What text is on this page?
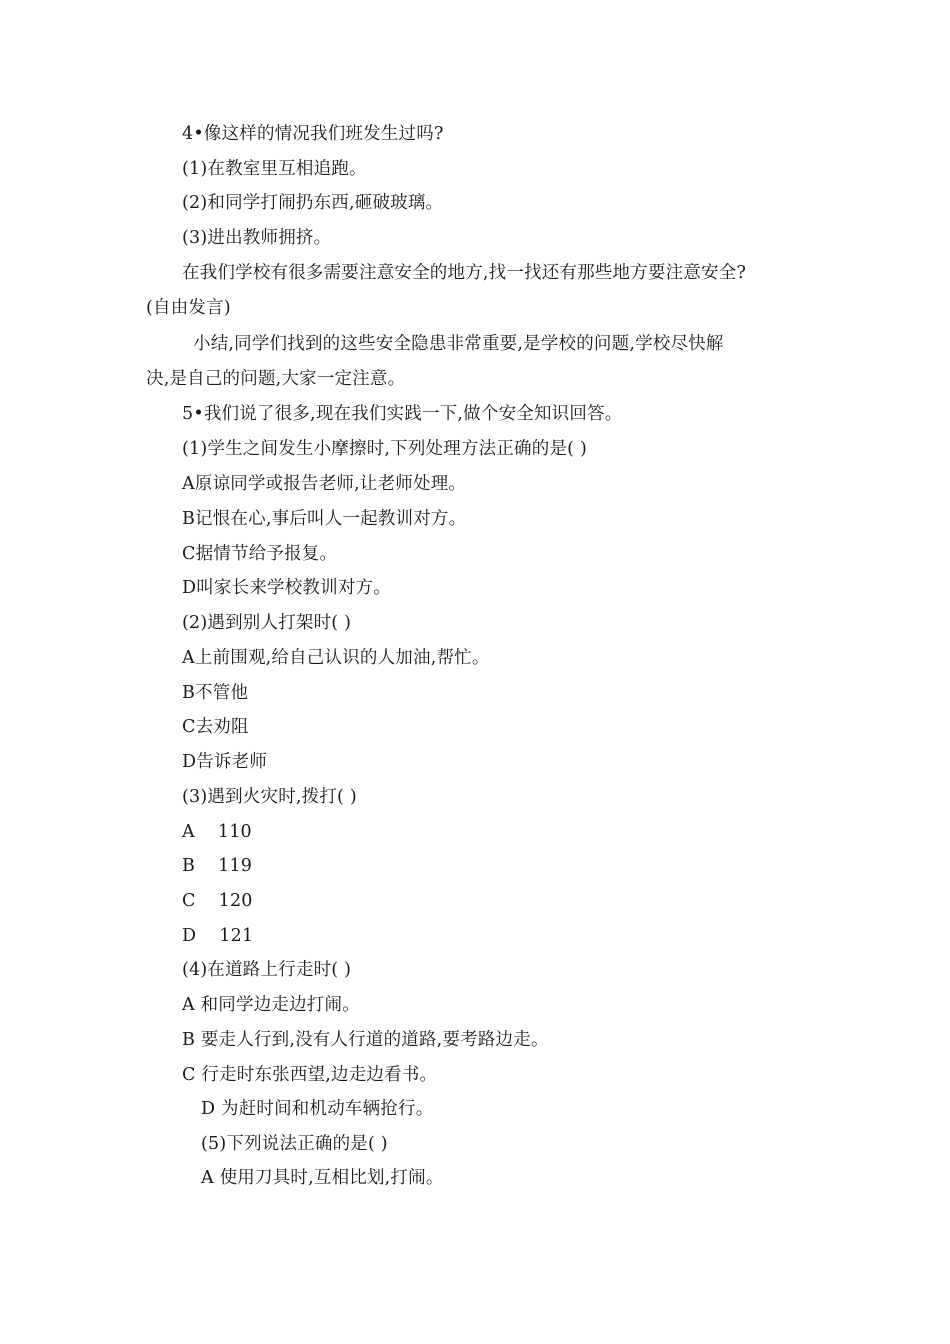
4•像这样的情况我们班发生过吗?
(1)在教室里互相追跑。
(2)和同学打闹扔东西,砸破玻璃。
(3)进出教师拥挤。
在我们学校有很多需要注意安全的地方,找一找还有那些地方要注意安全?
(自由发言)
小结,同学们找到的这些安全隐患非常重要,是学校的问题,学校尽快解
决,是自己的问题,大家一定注意。
5•我们说了很多,现在我们实践一下,做个安全知识回答。
(1)学生之间发生小摩擦时,下列处理方法正确的是( )
A原谅同学或报告老师,让老师处理。
B记恨在心,事后叫人一起教训对方。
C据情节给予报复。
D叫家长来学校教训对方。
(2)遇到别人打架时( )
A上前围观,给自己认识的人加油,帮忙。
B不管他
C去劝阻
D告诉老师
(3)遇到火灾时,拨打( )
A    110
B    119
C    120
D    121
(4)在道路上行走时( )
A 和同学边走边打闹。
B 要走人行到,没有人行道的道路,要考路边走。
C 行走时东张西望,边走边看书。
D 为赶时间和机动车辆抢行。
(5)下列说法正确的是( )
A 使用刀具时,互相比划,打闹。
